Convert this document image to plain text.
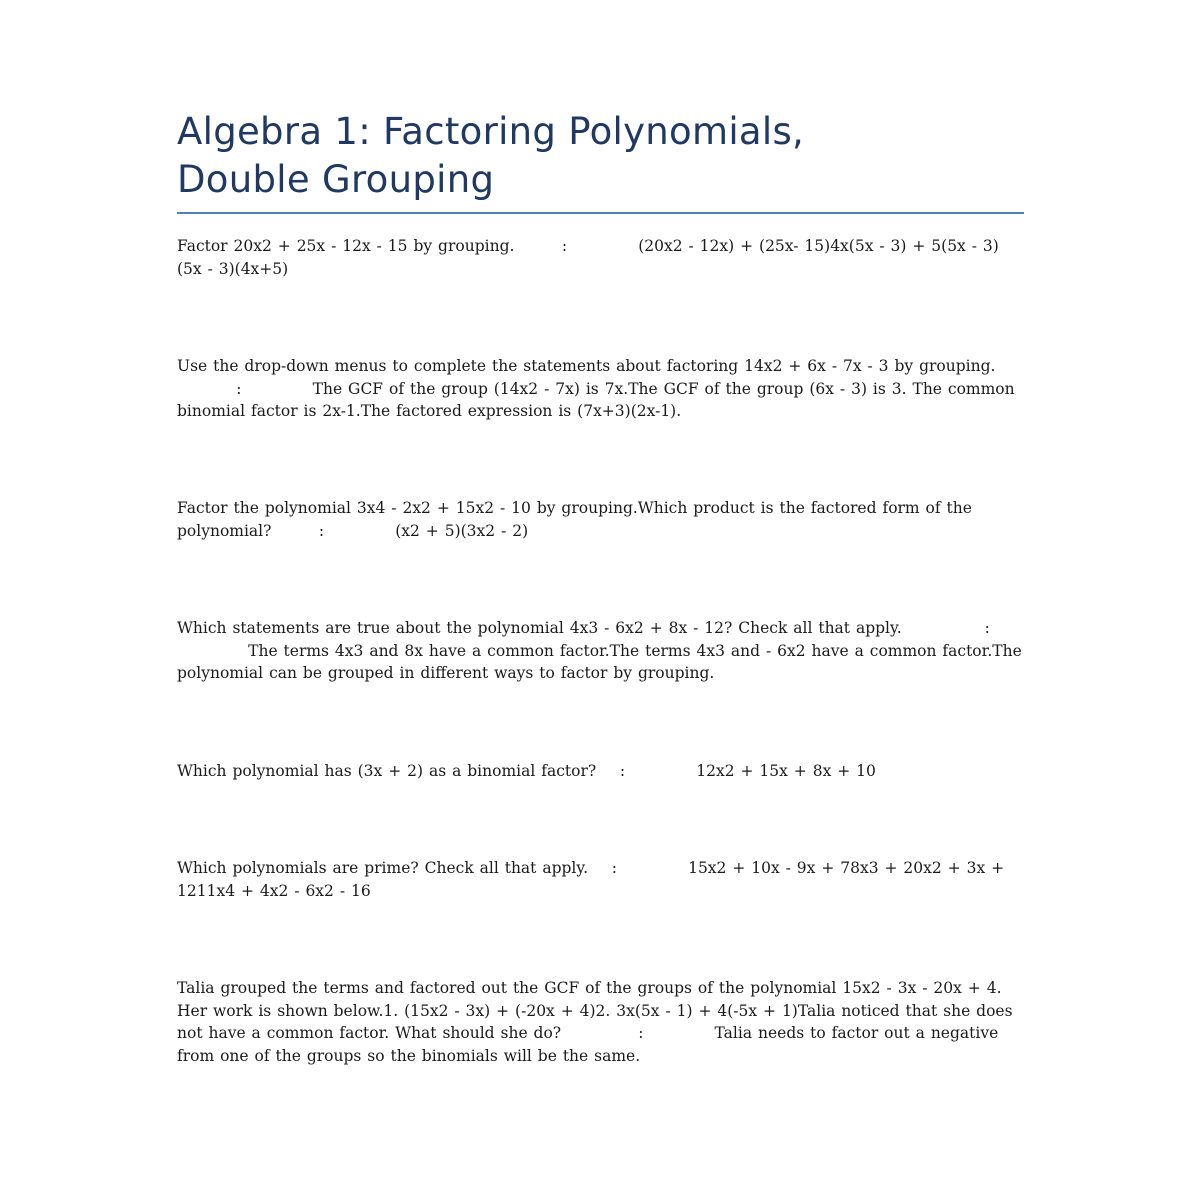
Algebra 1: Factoring Polynomials,
Double Grouping

Factor 20x2 + 25x - 12x - 15 by grouping.	:	(20x2 - 12x) + (25x- 15)4x(5x - 3) + 5(5x - 3)(5x - 3)(4x+5)

Use the drop-down menus to complete the statements about factoring 14x2 + 6x - 7x - 3 by grouping.          :	The GCF of the group (14x2 - 7x) is 7x.The GCF of the group (6x - 3) is 3. The common binomial factor is 2x-1.The factored expression is (7x+3)(2x-1).

Factor the polynomial 3x4 - 2x2 + 15x2 - 10 by grouping.Which product is the factored form of the polynomial?	:	(x2 + 5)(3x2 - 2)

Which statements are true about the polynomial 4x3 - 6x2 + 8x - 12? Check all that apply.	:            The terms 4x3 and 8x have a common factor.The terms 4x3 and - 6x2 have a common factor.The polynomial can be grouped in different ways to factor by grouping.

Which polynomial has (3x + 2) as a binomial factor? :	12x2 + 15x + 8x + 10

Which polynomials are prime? Check all that apply. :	15x2 + 10x - 9x + 78x3 + 20x2 + 3x + 1211x4 + 4x2 - 6x2 - 16

Talia grouped the terms and factored out the GCF of the groups of the polynomial 15x2 - 3x - 20x + 4. Her work is shown below.1. (15x2 - 3x) + (-20x + 4)2. 3x(5x - 1) + 4(-5x + 1)Talia noticed that she does not have a common factor. What should she do?	:	Talia needs to factor out a negative from one of the groups so the binomials will be the same.
